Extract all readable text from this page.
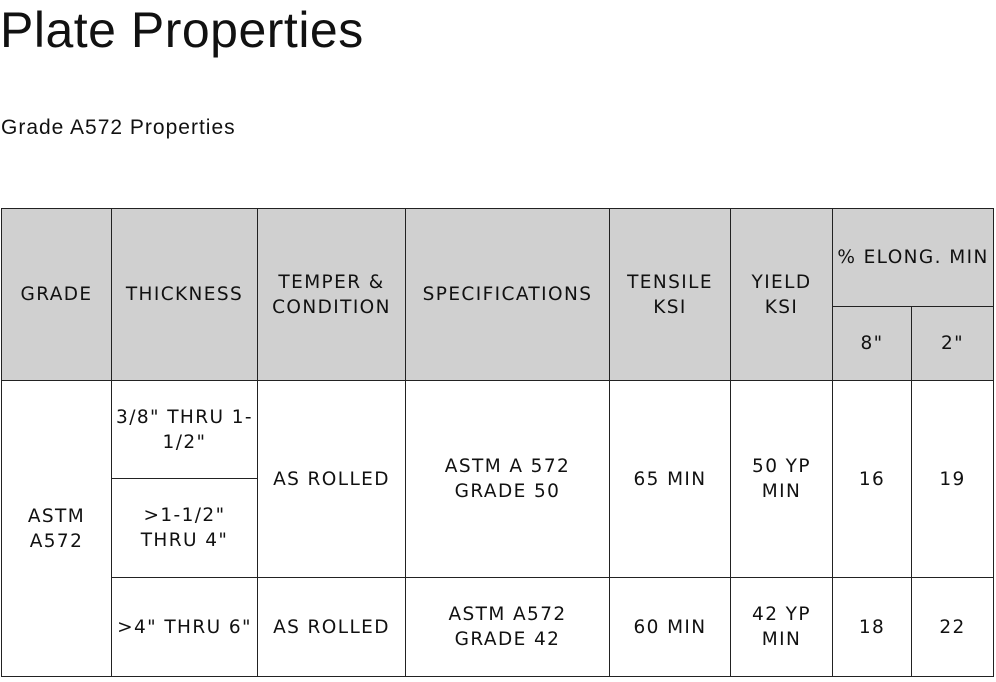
Plate Properties
Grade A572 Properties
GRADE	THICKNESS	TEMPER & CONDITION	SPECIFICATIONS	TENSILE KSI	YIELD KSI	% ELONG. MIN	
						8"	2"
ASTM A572	3/8" THRU 1-1/2"	AS ROLLED	ASTM A 572 GRADE 50	65 MIN	50 YP MIN	16	19
	>1-1/2" THRU 4"						
	>4" THRU 6"	AS ROLLED	ASTM A572 GRADE 42	60 MIN	42 YP MIN	18	22
